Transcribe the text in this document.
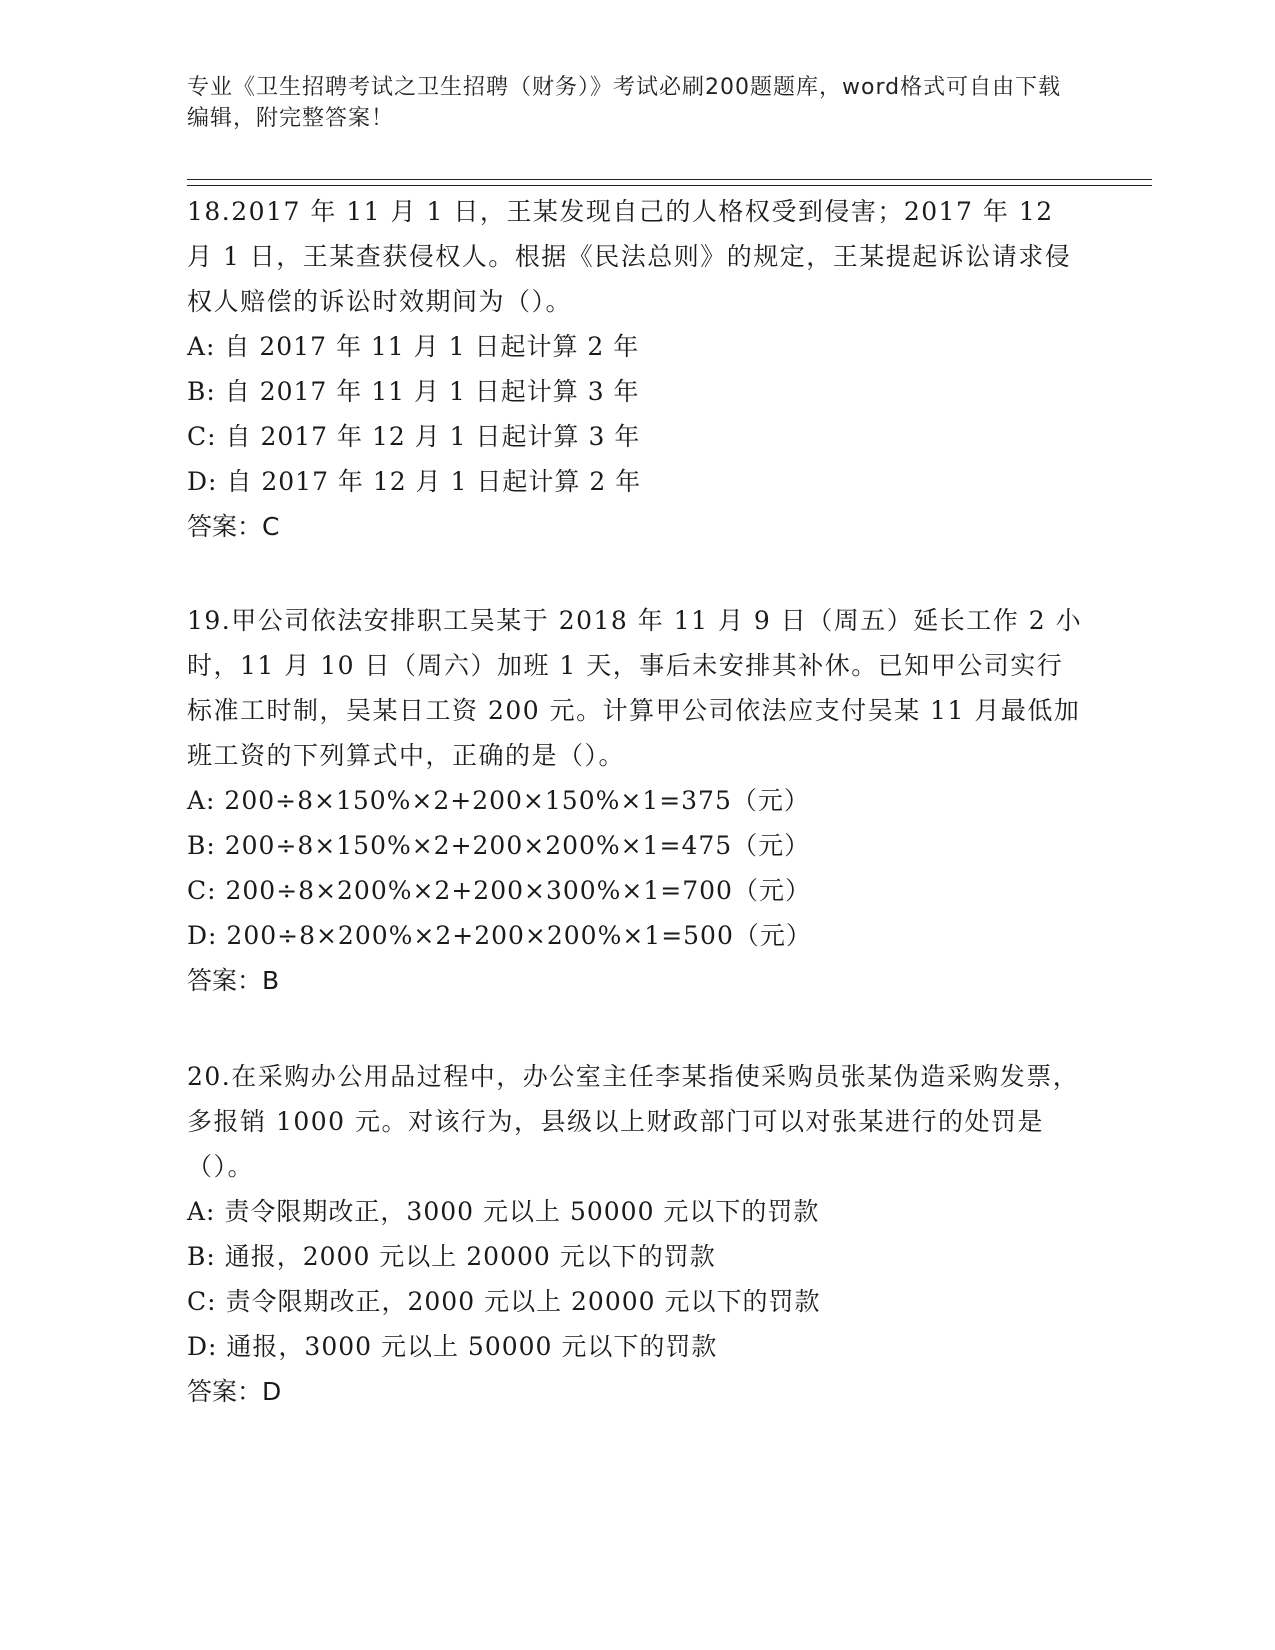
专业《卫生招聘考试之卫生招聘（财务）》考试必刷200题题库，word格式可自由下载编辑，附完整答案！

18.2017 年 11 月 1 日，王某发现自己的人格权受到侵害；2017 年 12 月 1 日，王某查获侵权人。根据《民法总则》的规定，王某提起诉讼请求侵权人赔偿的诉讼时效期间为（）。

A: 自 2017 年 11 月 1 日起计算 2 年

B: 自 2017 年 11 月 1 日起计算 3 年

C: 自 2017 年 12 月 1 日起计算 3 年

D: 自 2017 年 12 月 1 日起计算 2 年

答案：C

19.甲公司依法安排职工吴某于 2018 年 11 月 9 日（周五）延长工作 2 小时，11 月 10 日（周六）加班 1 天，事后未安排其补休。已知甲公司实行标准工时制，吴某日工资 200 元。计算甲公司依法应支付吴某 11 月最低加班工资的下列算式中，正确的是（）。

A: 200÷8×150%×2+200×150%×1=375（元）

B: 200÷8×150%×2+200×200%×1=475（元）

C: 200÷8×200%×2+200×300%×1=700（元）

D: 200÷8×200%×2+200×200%×1=500（元）

答案：B

20.在采购办公用品过程中，办公室主任李某指使采购员张某伪造采购发票，多报销 1000 元。对该行为，县级以上财政部门可以对张某进行的处罚是（）。

A: 责令限期改正，3000 元以上 50000 元以下的罚款

B: 通报，2000 元以上 20000 元以下的罚款

C: 责令限期改正，2000 元以上 20000 元以下的罚款

D: 通报，3000 元以上 50000 元以下的罚款

答案：D
